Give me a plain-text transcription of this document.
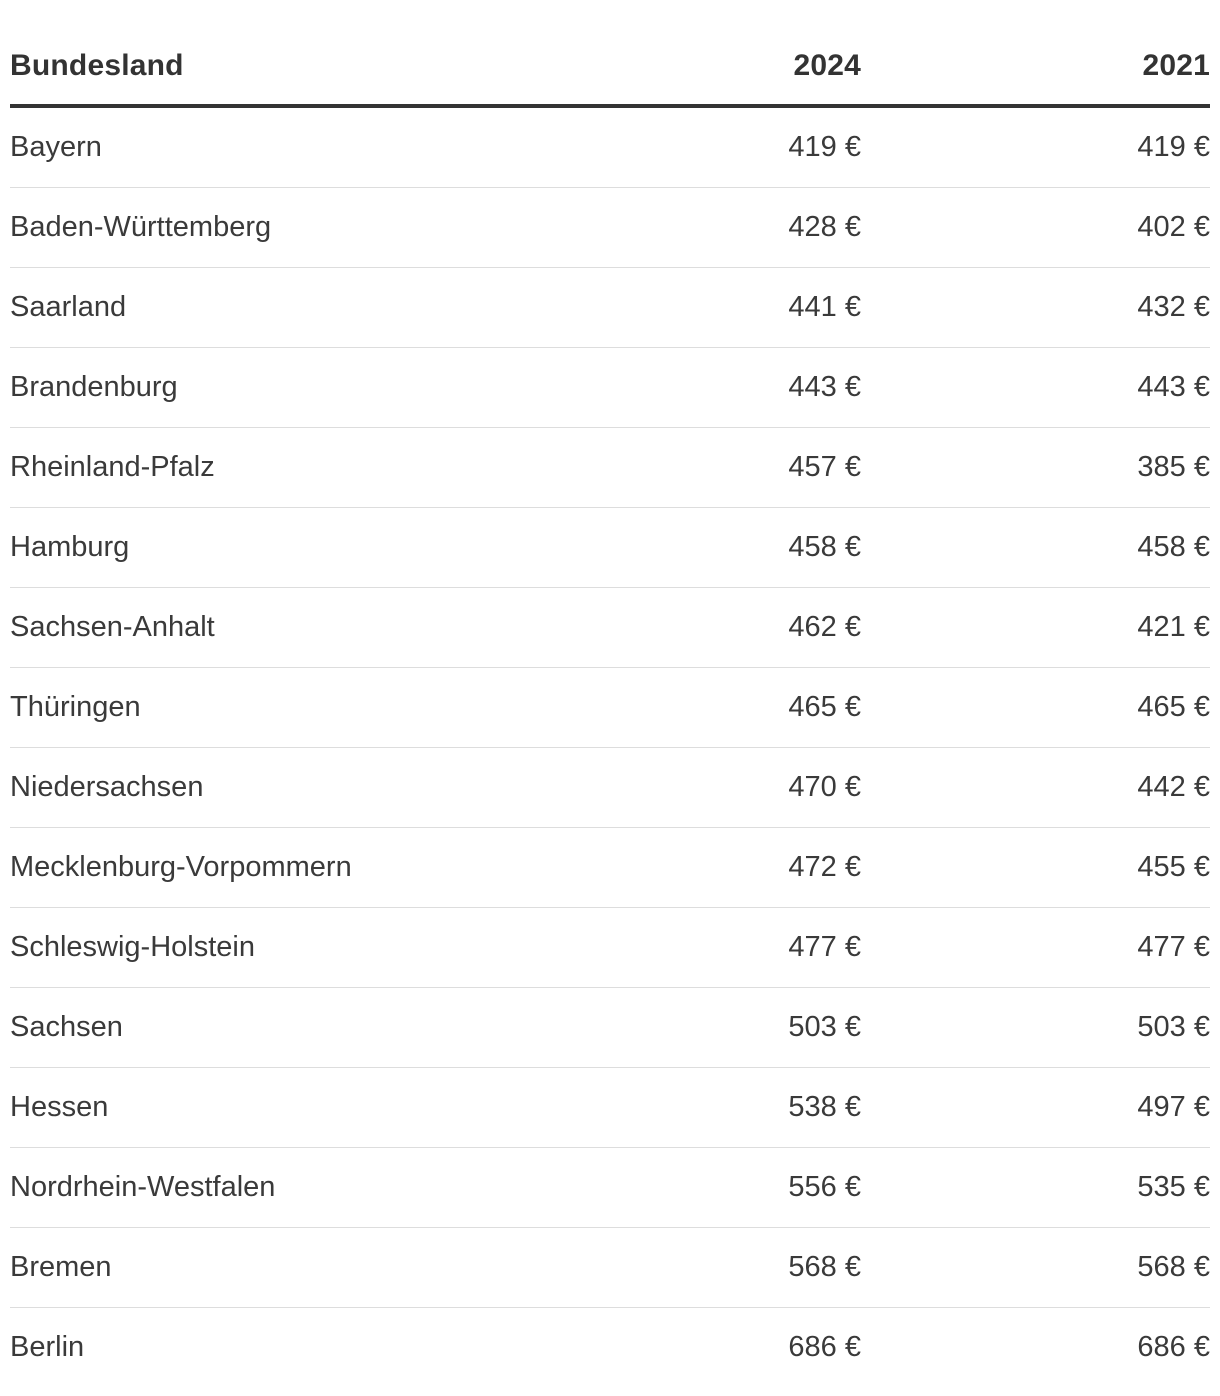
Bundesland	2024	2021
Bayern	419 €	419 €
Baden-Württemberg	428 €	402 €
Saarland	441 €	432 €
Brandenburg	443 €	443 €
Rheinland-Pfalz	457 €	385 €
Hamburg	458 €	458 €
Sachsen-Anhalt	462 €	421 €
Thüringen	465 €	465 €
Niedersachsen	470 €	442 €
Mecklenburg-Vorpommern	472 €	455 €
Schleswig-Holstein	477 €	477 €
Sachsen	503 €	503 €
Hessen	538 €	497 €
Nordrhein-Westfalen	556 €	535 €
Bremen	568 €	568 €
Berlin	686 €	686 €
